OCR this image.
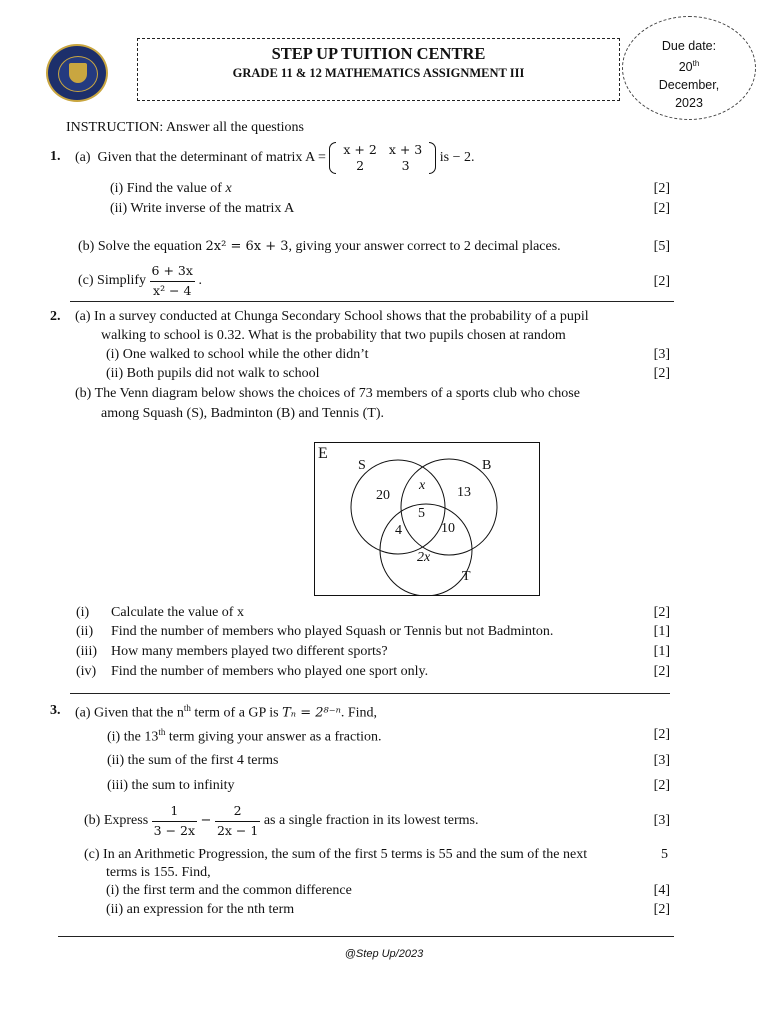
STEP UP TUITION CENTRE
GRADE 11 & 12 MATHEMATICS ASSIGNMENT III
Due date:
20th
December,
2023
INSTRUCTION: Answer all the questions
1. (a)
Given that the determinant of matrix A =

x + 2	x + 3
2	3

is − 2.
(i) Find the value of x	[2]
(ii) Write inverse of the matrix A	[2]
(b) Solve the equation 2x² = 6x + 3, giving your answer correct to 2 decimal places.	[5]
(c) Simplify
$\frac{6 + 3x}{\text{x² − 4}}$
.	[2]
2. (a) In a survey conducted at Chunga Secondary School shows that the probability of a pupil
walking to school is 0.32. What is the probability that two pupils chosen at random
(i) One walked to school while the other didn’t	[3]
(ii) Both pupils did not walk to school	[2]
(b) The Venn diagram below shows the choices of 73 members of a sports club who chose
among Squash (S), Badminton (B) and Tennis (T).
E
S	B
T
20
x 13
5
4	10
2x
(i) Calculate the value of x	[2]
(ii) Find the number of members who played Squash or Tennis but not Badminton.	[1]
(iii) How many members played two different sports?	[1]
(iv) Find the number of members who played one sport only.	[2]
3. (a) Given that the $n^{th}$ term of a GP is Tₙ = 2⁸⁻ⁿ. Find,
(i) the 13th term giving your answer as a fraction.	[2]
(ii) the sum of the first 4 terms	[3]
(iii) the sum to infinity	[2]
(b) Express
$\frac{1}{3 - 2x}$
−
$\frac{2}{2x - 1}$
as a single fraction in its lowest terms.	[3]
(c) In an Arithmetic Progression, the sum of the first 5 terms is 55 and the sum of the next	5
terms is 155. Find,
(i) the first term and the common difference	[4]
(ii) an expression for the nth term	[2]
@Step Up/2023
